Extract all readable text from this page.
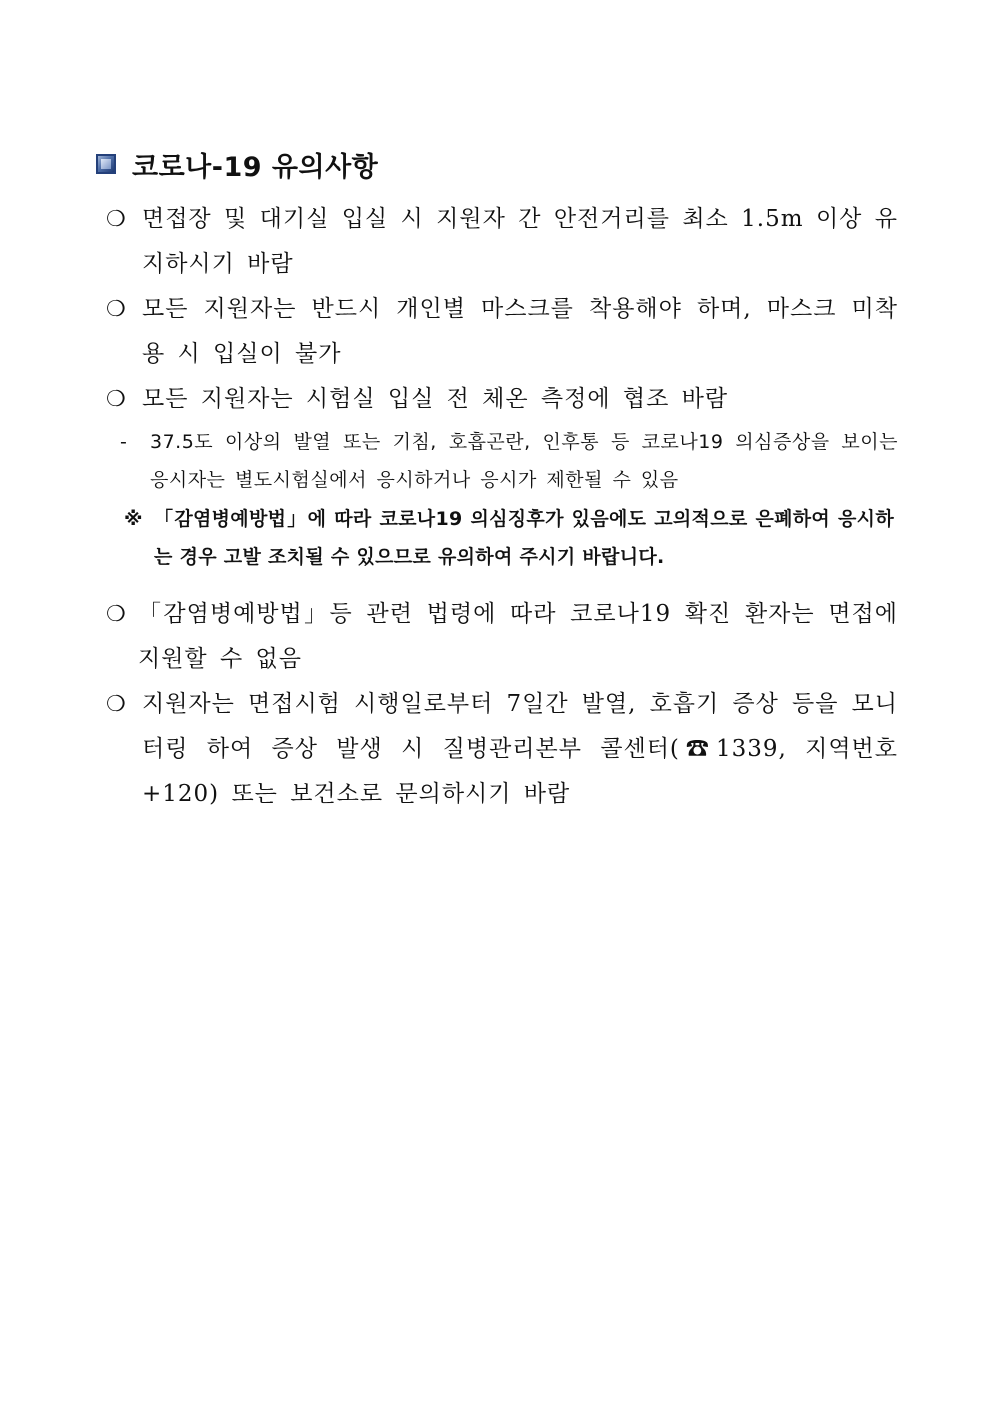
코로나-19 유의사항
❍ 면접장 및 대기실 입실 시 지원자 간 안전거리를 최소 1.5m 이상 유지하시기 바람
❍ 모든 지원자는 반드시 개인별 마스크를 착용해야 하며, 마스크 미착용 시 입실이 불가
❍ 모든 지원자는 시험실 입실 전 체온 측정에 협조 바람
- 37.5도 이상의 발열 또는 기침, 호흡곤란, 인후통 등 코로나19 의심증상을 보이는 응시자는 별도시험실에서 응시하거나 응시가 제한될 수 있음
※ 「감염병예방법」에 따라 코로나19 의심징후가 있음에도 고의적으로 은폐하여 응시하는 경우 고발 조치될 수 있으므로 유의하여 주시기 바랍니다.
❍ 「감염병예방법」등 관련 법령에 따라 코로나19 확진 환자는 면접에 지원할 수 없음
❍ 지원자는 면접시험 시행일로부터 7일간 발열, 호흡기 증상 등을 모니터링 하여 증상 발생 시 질병관리본부 콜센터(☎1339, 지역번호+120) 또는 보건소로 문의하시기 바람
